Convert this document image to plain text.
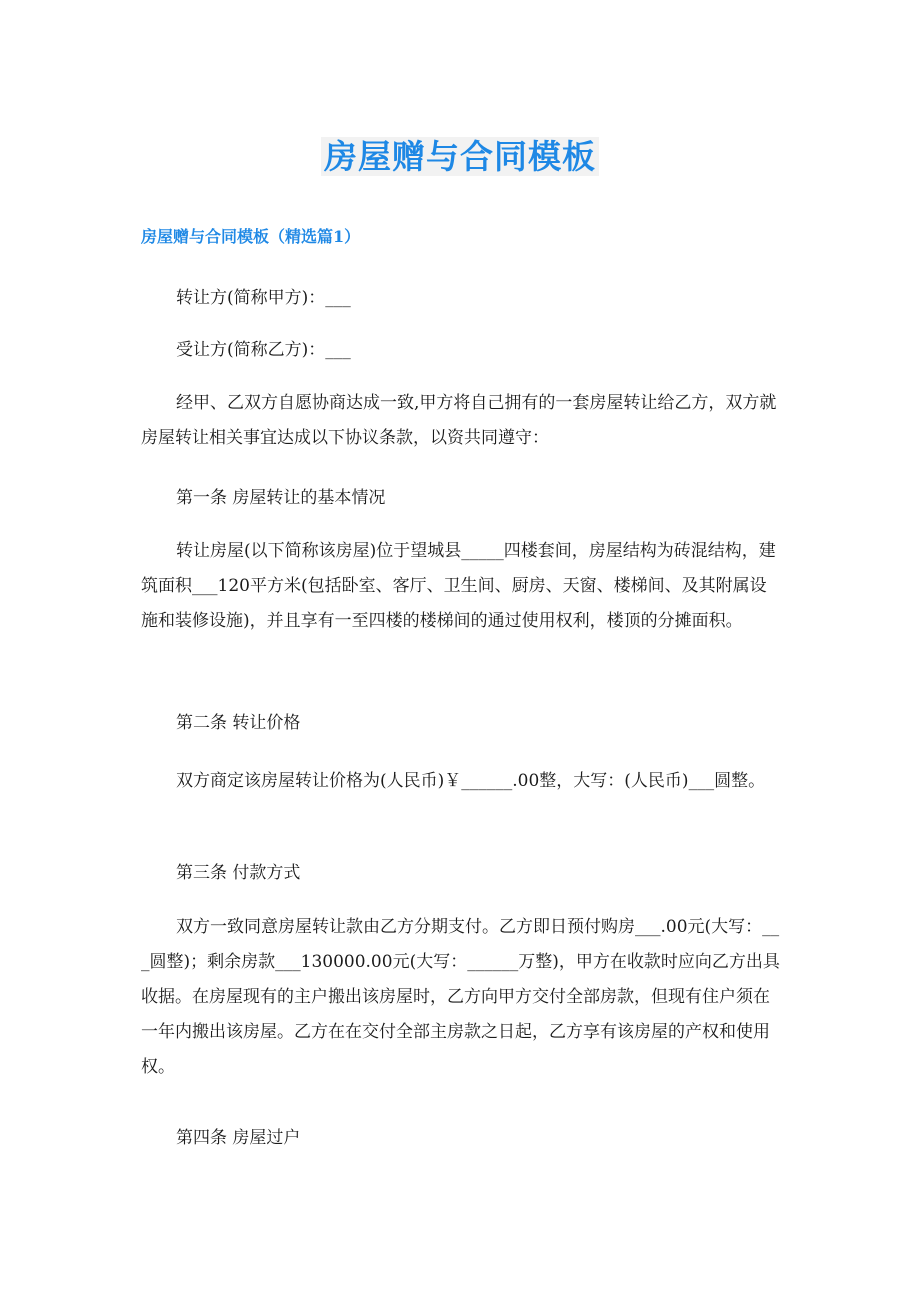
房屋赠与合同模板
房屋赠与合同模板（精选篇1）

转让方(简称甲方)：___

受让方(简称乙方)：___

经甲、乙双方自愿协商达成一致,甲方将自己拥有的一套房屋转让给乙方，双方就房屋转让相关事宜达成以下协议条款，以资共同遵守：

第一条 房屋转让的基本情况

转让房屋(以下简称该房屋)位于望城县_____四楼套间，房屋结构为砖混结构，建筑面积___120平方米(包括卧室、客厅、卫生间、厨房、天窗、楼梯间、及其附属设施和装修设施)，并且享有一至四楼的楼梯间的通过使用权利，楼顶的分摊面积。

第二条 转让价格

双方商定该房屋转让价格为(人民币)￥______.00整，大写：(人民币)___圆整。

第三条 付款方式

双方一致同意房屋转让款由乙方分期支付。乙方即日预付购房___.00元(大写：___圆整)；剩余房款___130000.00元(大写：______万整)，甲方在收款时应向乙方出具收据。在房屋现有的主户搬出该房屋时，乙方向甲方交付全部房款，但现有住户须在一年内搬出该房屋。乙方在在交付全部主房款之日起，乙方享有该房屋的产权和使用权。

第四条 房屋过户
